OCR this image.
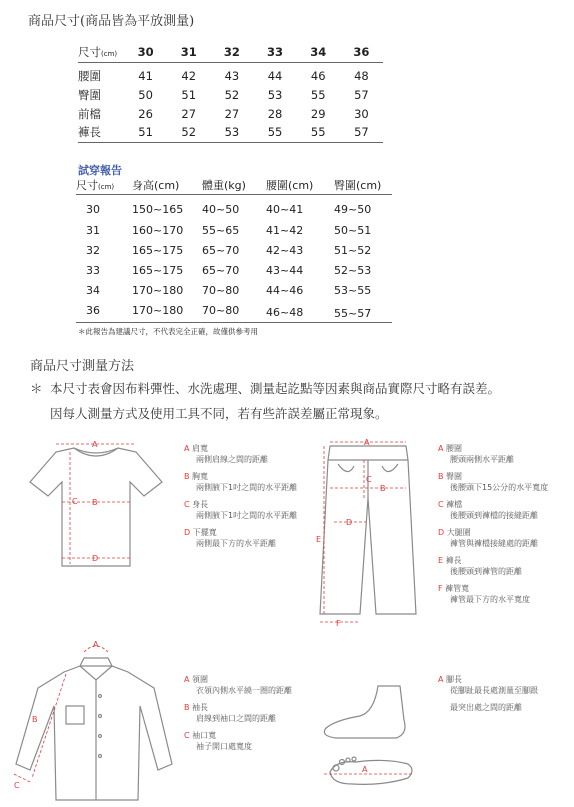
商品尺寸(商品皆為平放測量)
尺寸(cm)	30	31	32	33	34	36
腰圍	41	42	43	44	46	48
臀圍	50	51	52	53	55	57
前檔	26	27	27	28	29	30
褲長	51	52	53	55	55	57
試穿報告
尺寸(cm)	身高(cm)	體重(kg)	腰圍(cm)	臀圍(cm)
30	150~165	40~50	40~41	49~50
31	160~170	55~65	41~42	50~51
32	165~175	65~70	42~43	51~52
33	165~175	65~70	43~44	52~53
34	170~180	70~80	44~46	53~55
36	170~180	70~80	46~48	55~57
＊此報告為建議尺寸，不代表完全正確，故僅供參考用
商品尺寸測量方法
＊ 本尺寸表會因布料彈性、水洗處理、測量起訖點等因素與商品實際尺寸略有誤差。
因每人測量方式及使用工具不同，若有些許誤差屬正常現象。
A
B
C
D
A 肩寬
兩側肩線之間的距離
B 胸寬
兩側腋下1吋之間的水平距離
C 身長
兩側腋下1吋之間的水平距離
D 下擺寬
兩側最下方的水平距離
A
B
C
D
E
F
A 腰圍
腰頭兩側水平距離
B 臀圍
後腰頭下15公分的水平寬度
C 褲檔
後腰頭到褲檔的接縫距離
D 大腿圍
褲管與褲檔接縫處的距離
E 褲長
後腰頭到褲管的距離
F 褲管寬
褲管最下方的水平寬度
A
B
C
A 領圍
衣領內側水平繞一圈的距離
B 袖長
肩線到袖口之間的距離
C 袖口寬
袖子開口處寬度
A
A 腳長
從腳趾最長處測量至腳跟
最突出處之間的距離
